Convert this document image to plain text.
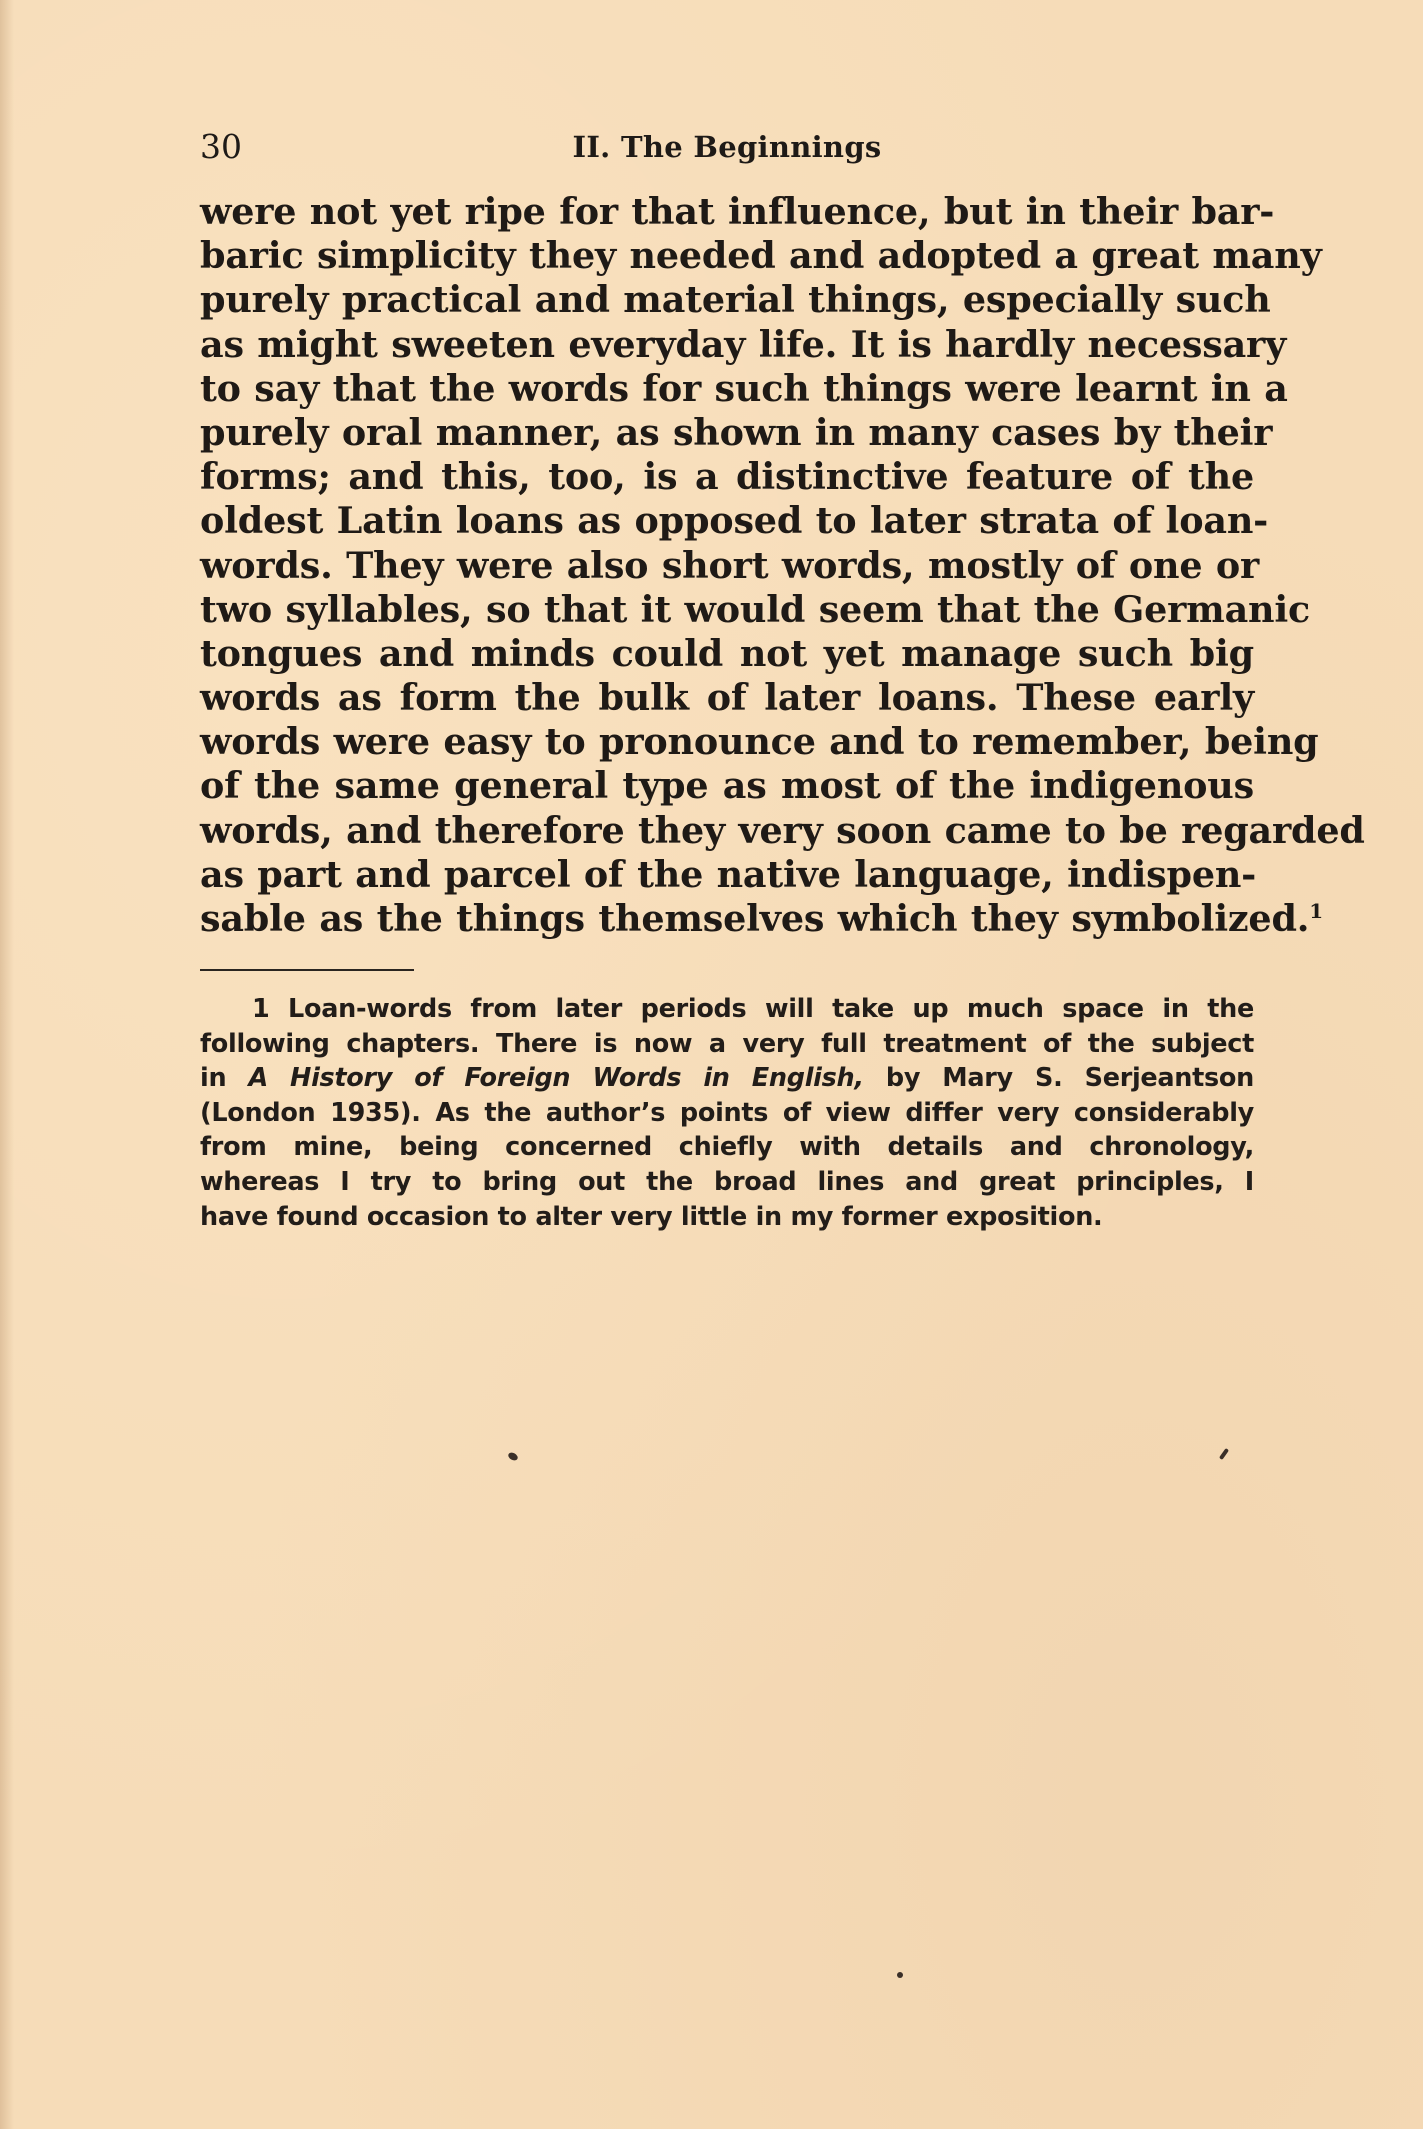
30	II. The Beginnings
were not yet ripe for that influence, but in their bar-
baric simplicity they needed and adopted a great many
purely practical and material things, especially such
as might sweeten everyday life. It is hardly necessary
to say that the words for such things were learnt in a
purely oral manner, as shown in many cases by their
forms; and this, too, is a distinctive feature of the
oldest Latin loans as opposed to later strata of loan-
words. They were also short words, mostly of one or
two syllables, so that it would seem that the Germanic
tongues and minds could not yet manage such big
words as form the bulk of later loans. These early
words were easy to pronounce and to remember, being
of the same general type as most of the indigenous
words, and therefore they very soon came to be regarded
as part and parcel of the native language, indispen-
sable as the things themselves which they symbolized.$^1$
1 Loan-words from later periods will take up much space in the
following chapters. There is now a very full treatment of the subject
in A History of Foreign Words in English, by Mary S. Serjeantson
(London 1935). As the author’s points of view differ very considerably
from mine, being concerned chiefly with details and chronology,
whereas I try to bring out the broad lines and great principles, I
have found occasion to alter very little in my former exposition.
